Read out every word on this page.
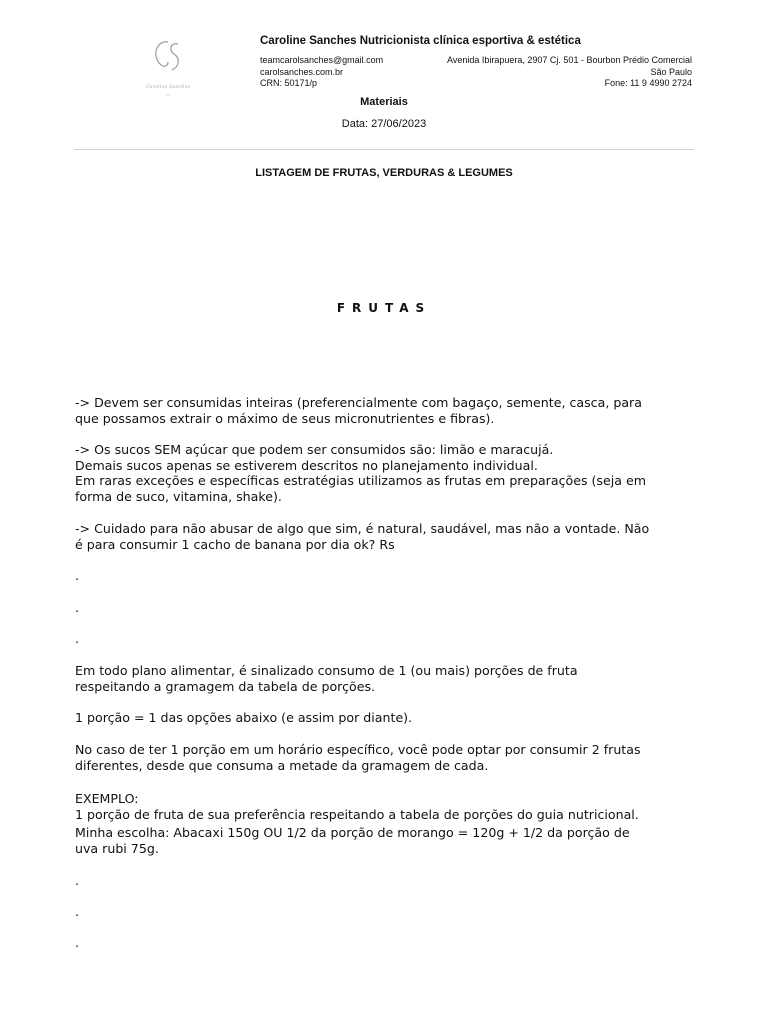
Caroline Sanches
CS
Caroline Sanches Nutricionista clínica esportiva & estética
teamcarolsanches@gmail.com
carolsanches.com.br
CRN: 50171/p
Avenida Ibirapuera, 2907 Cj. 501 - Bourbon Prédio Comercial
São Paulo
Fone: 11 9 4990 2724
Materiais
Data: 27/06/2023
LISTAGEM DE FRUTAS, VERDURAS & LEGUMES
FRUTAS
-> Devem ser consumidas inteiras (preferencialmente com bagaço, semente, casca, para
que possamos extrair o máximo de seus micronutrientes e fibras).
-> Os sucos SEM açúcar que podem ser consumidos são: limão e maracujá.
Demais sucos apenas se estiverem descritos no planejamento individual.
Em raras exceções e específicas estratégias utilizamos as frutas em preparações (seja em
forma de suco, vitamina, shake).
-> Cuidado para não abusar de algo que sim, é natural, saudável, mas não a vontade. Não
é para consumir 1 cacho de banana por dia ok? Rs
.
.
.
Em todo plano alimentar, é sinalizado consumo de 1 (ou mais) porções de fruta
respeitando a gramagem da tabela de porções.
1 porção = 1 das opções abaixo (e assim por diante).
No caso de ter 1 porção em um horário específico, você pode optar por consumir 2 frutas
diferentes, desde que consuma a metade da gramagem de cada.
EXEMPLO:
1 porção de fruta de sua preferência respeitando a tabela de porções do guia nutricional.
Minha escolha: Abacaxi 150g OU 1/2 da porção de morango = 120g + 1/2 da porção de
uva rubi 75g.
.
.
.
